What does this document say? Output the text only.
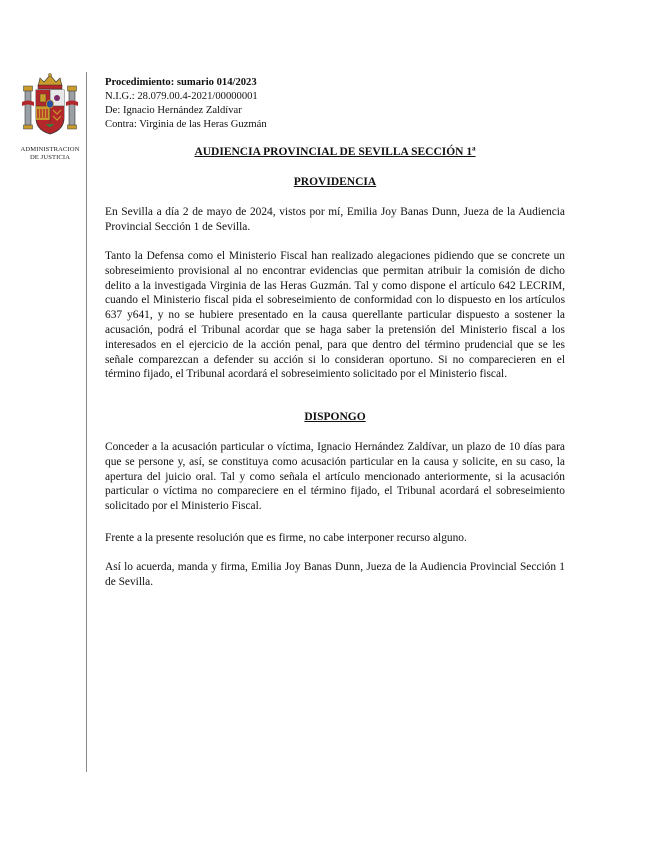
ADMINISTRACION
DE JUSTICIA
Procedimiento: sumario 014/2023
N.I.G.: 28.079.00.4-2021/00000001
De: Ignacio Hernández Zaldívar
Contra: Virginia de las Heras Guzmán
AUDIENCIA PROVINCIAL DE SEVILLA SECCIÓN 1ª
PROVIDENCIA

En Sevilla a día 2 de mayo de 2024, vistos por mí, Emilia Joy Banas Dunn, Jueza de la Audiencia Provincial Sección 1 de Sevilla.

Tanto la Defensa como el Ministerio Fiscal han realizado alegaciones pidiendo que se concrete un sobreseimiento provisional al no encontrar evidencias que permitan atribuir la comisión de dicho delito a la investigada Virginia de las Heras Guzmán. Tal y como dispone el artículo 642 LECRIM, cuando el Ministerio fiscal pida el sobreseimiento de conformidad con lo dispuesto en los artículos 637 y641, y no se hubiere presentado en la causa querellante particular dispuesto a sostener la acusación, podrá el Tribunal acordar que se haga saber la pretensión del Ministerio fiscal a los interesados en el ejercicio de la acción penal, para que dentro del término prudencial que se les señale comparezcan a defender su acción si lo consideran oportuno. Si no comparecieren en el término fijado, el Tribunal acordará el sobreseimiento solicitado por el Ministerio fiscal.

DISPONGO

Conceder a la acusación particular o víctima, Ignacio Hernández Zaldívar, un plazo de 10 días para que se persone y, así, se constituya como acusación particular en la causa y solicite, en su caso, la apertura del juicio oral. Tal y como señala el artículo mencionado anteriormente, si la acusación particular o víctima no compareciere en el término fijado, el Tribunal acordará el sobreseimiento solicitado por el Ministerio Fiscal.

Frente a la presente resolución que es firme, no cabe interponer recurso alguno.

Así lo acuerda, manda y firma, Emilia Joy Banas Dunn, Jueza de la Audiencia Provincial Sección 1 de Sevilla.
